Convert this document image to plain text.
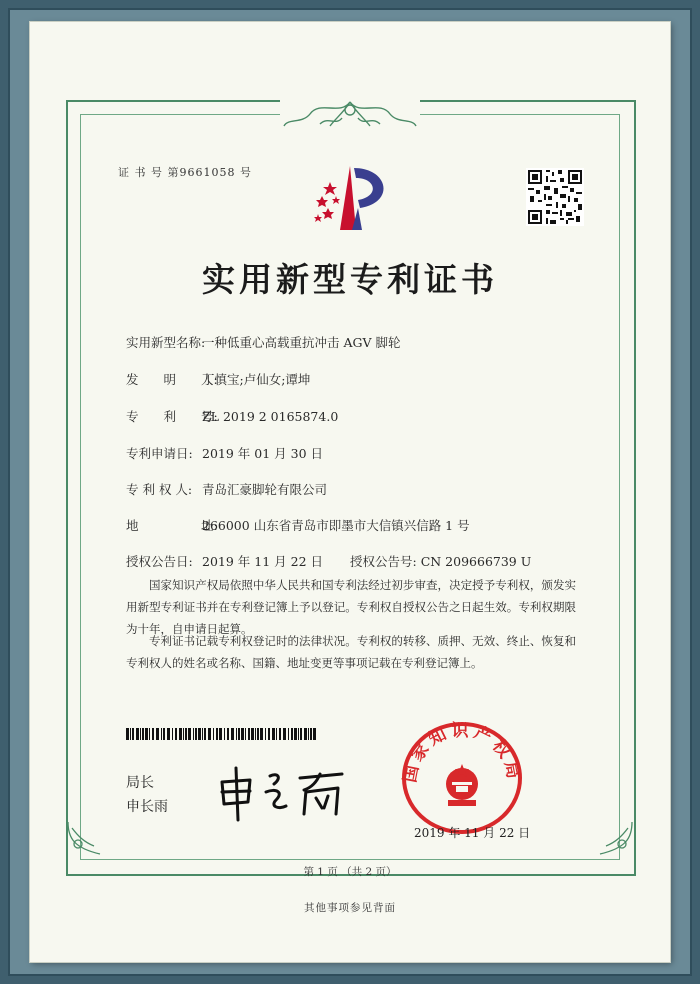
证 书 号 第9661058 号
实用新型专利证书
实用新型名称:一种低重心高载重抗冲击 AGV 脚轮
发　　明　　人:丁慎宝;卢仙女;谭坤
专　　利　　号:ZL 2019 2 0165874.0
专利申请日: 2019 年 01 月 30 日
专 利 权 人: 青岛汇豪脚轮有限公司
地　　　　　址:266000 山东省青岛市即墨市大信镇兴信路 1 号
授权公告日: 2019 年 11 月 22 日 授权公告号: CN 209666739 U
国家知识产权局依照中华人民共和国专利法经过初步审查，决定授予专利权，颁发实用新型专利证书并在专利登记簿上予以登记。专利权自授权公告之日起生效。专利权期限为十年，自申请日起算。
专利证书记载专利权登记时的法律状况。专利权的转移、质押、无效、终止、恢复和专利权人的姓名或名称、国籍、地址变更等事项记载在专利登记簿上。
局长
申长雨
国家知识产权局
2019 年 11 月 22 日
第 1 页 （共 2 页）
其他事项参见背面
